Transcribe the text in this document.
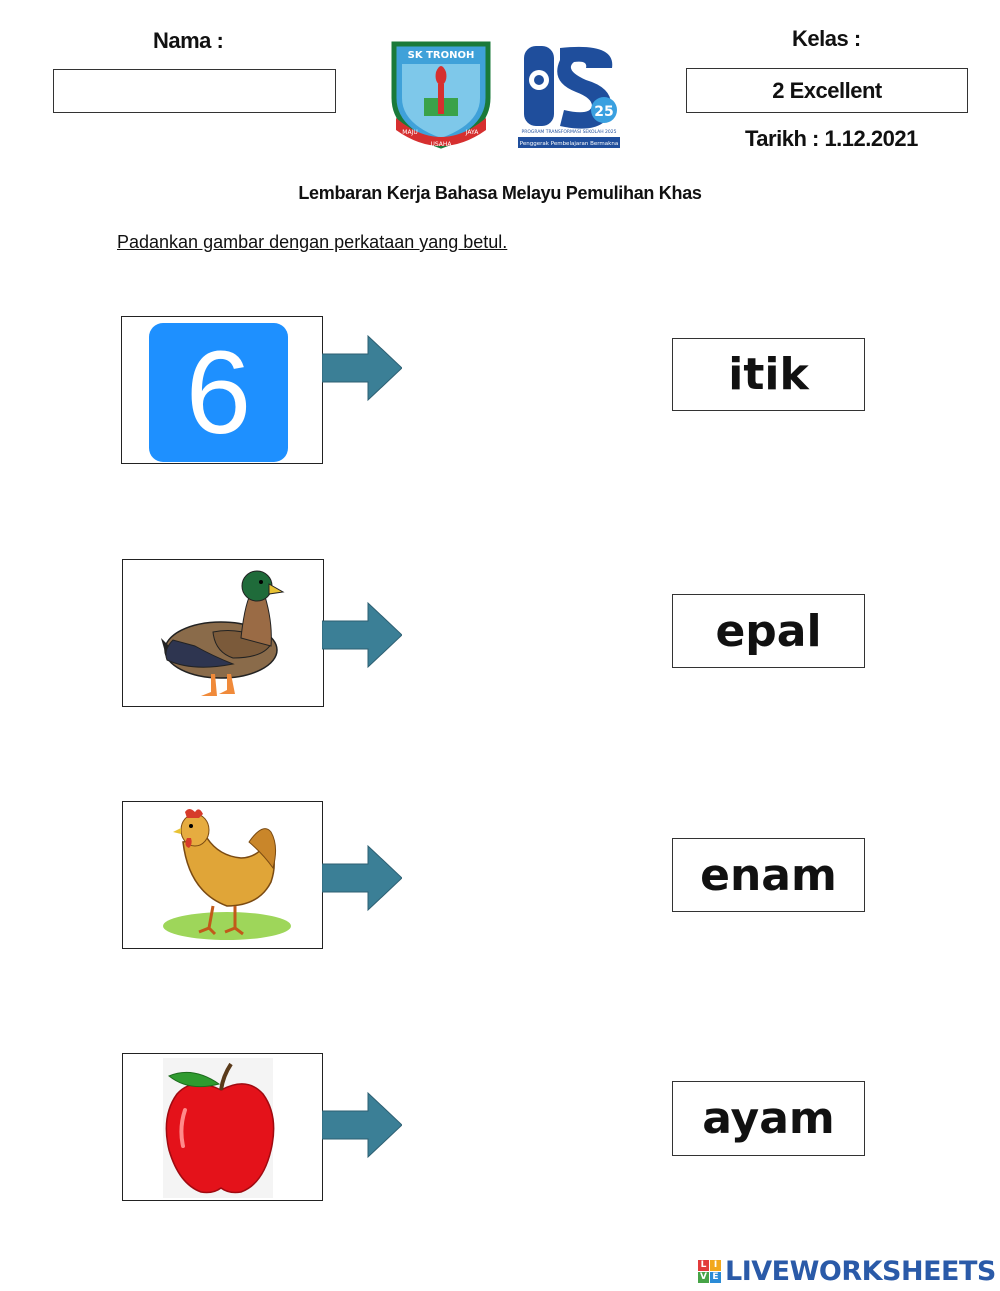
Nama :	Kelas :
2 Excellent
Tarikh : 1.12.2021
SK TRONOH
MAJU
USAHA
JAYA
25
PROGRAM TRANSFORMASI SEKOLAH 2025
Penggerak Pembelajaran Bermakna
Lembaran Kerja Bahasa Melayu Pemulihan Khas
Padankan gambar dengan perkataan yang betul.
6	itik
epal
enam
ayam
L I
V E LIVEWORKSHEETS
